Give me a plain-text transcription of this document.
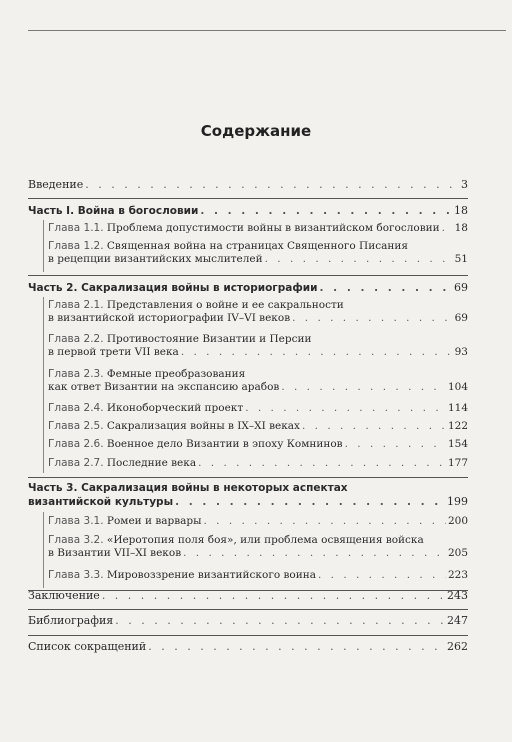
Содержание
Введение . . .	3
Часть I. Война в богословии . . .	18
Глава 1.1. Проблема допустимости войны в византийском богословии . . . 18
Глава 1.2. Священная война на страницах Священного Писания
в рецепции византийских мыслителей . . .	51
Часть 2. Сакрализация войны в историографии . . .	69
Глава 2.1. Представления о войне и ее сакральности
в византийской историографии IV–VI веков . . .	69
Глава 2.2. Противостояние Византии и Персии
в первой трети VII века . . .	93
Глава 2.3. Фемные преобразования
как ответ Византии на экспансию арабов . . .	104
Глава 2.4. Иконоборческий проект . . .	114
Глава 2.5. Сакрализация войны в IX–XI веках . . .	122
Глава 2.6. Военное дело Византии в эпоху Комнинов . . .	154
Глава 2.7. Последние века . . .	177
Часть 3. Сакрализация войны в некоторых аспектах
византийской культуры . . .	199
Глава 3.1. Ромеи и варвары . . .	200
Глава 3.2. «Иеротопия поля боя», или проблема освящения войска
в Византии VII–XI веков . . .	205
Глава 3.3. Мировоззрение византийского воина . . .	223
Заключение . . .	243
Библиография . . .	247
Список сокращений . . .	262
